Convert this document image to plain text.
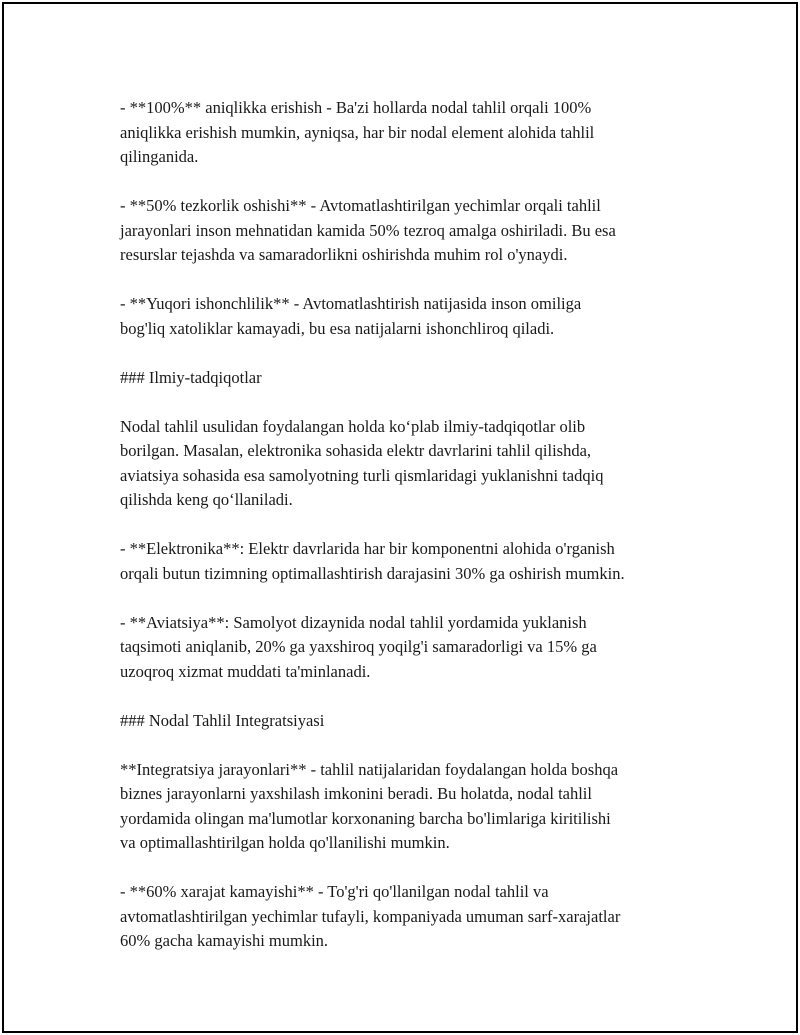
- **100%** aniqlikka erishish - Ba'zi hollarda nodal tahlil orqali 100%
aniqlikka erishish mumkin, ayniqsa, har bir nodal element alohida tahlil
qilinganida.

- **50% tezkorlik oshishi** - Avtomatlashtirilgan yechimlar orqali tahlil
jarayonlari inson mehnatidan kamida 50% tezroq amalga oshiriladi. Bu esa
resurslar tejashda va samaradorlikni oshirishda muhim rol o'ynaydi.

- **Yuqori ishonchlilik** - Avtomatlashtirish natijasida inson omiliga
bog'liq xatoliklar kamayadi, bu esa natijalarni ishonchliroq qiladi.

### Ilmiy-tadqiqotlar

Nodal tahlil usulidan foydalangan holda ko‘plab ilmiy-tadqiqotlar olib
borilgan. Masalan, elektronika sohasida elektr davrlarini tahlil qilishda,
aviatsiya sohasida esa samolyotning turli qismlaridagi yuklanishni tadqiq
qilishda keng qo‘llaniladi.

- **Elektronika**: Elektr davrlarida har bir komponentni alohida o'rganish
orqali butun tizimning optimallashtirish darajasini 30% ga oshirish mumkin.

- **Aviatsiya**: Samolyot dizaynida nodal tahlil yordamida yuklanish
taqsimoti aniqlanib, 20% ga yaxshiroq yoqilg'i samaradorligi va 15% ga
uzoqroq xizmat muddati ta'minlanadi.

### Nodal Tahlil Integratsiyasi

**Integratsiya jarayonlari** - tahlil natijalaridan foydalangan holda boshqa
biznes jarayonlarni yaxshilash imkonini beradi. Bu holatda, nodal tahlil
yordamida olingan ma'lumotlar korxonaning barcha bo'limlariga kiritilishi
va optimallashtirilgan holda qo'llanilishi mumkin.

- **60% xarajat kamayishi** - To'g'ri qo'llanilgan nodal tahlil va
avtomatlashtirilgan yechimlar tufayli, kompaniyada umuman sarf-xarajatlar
60% gacha kamayishi mumkin.
